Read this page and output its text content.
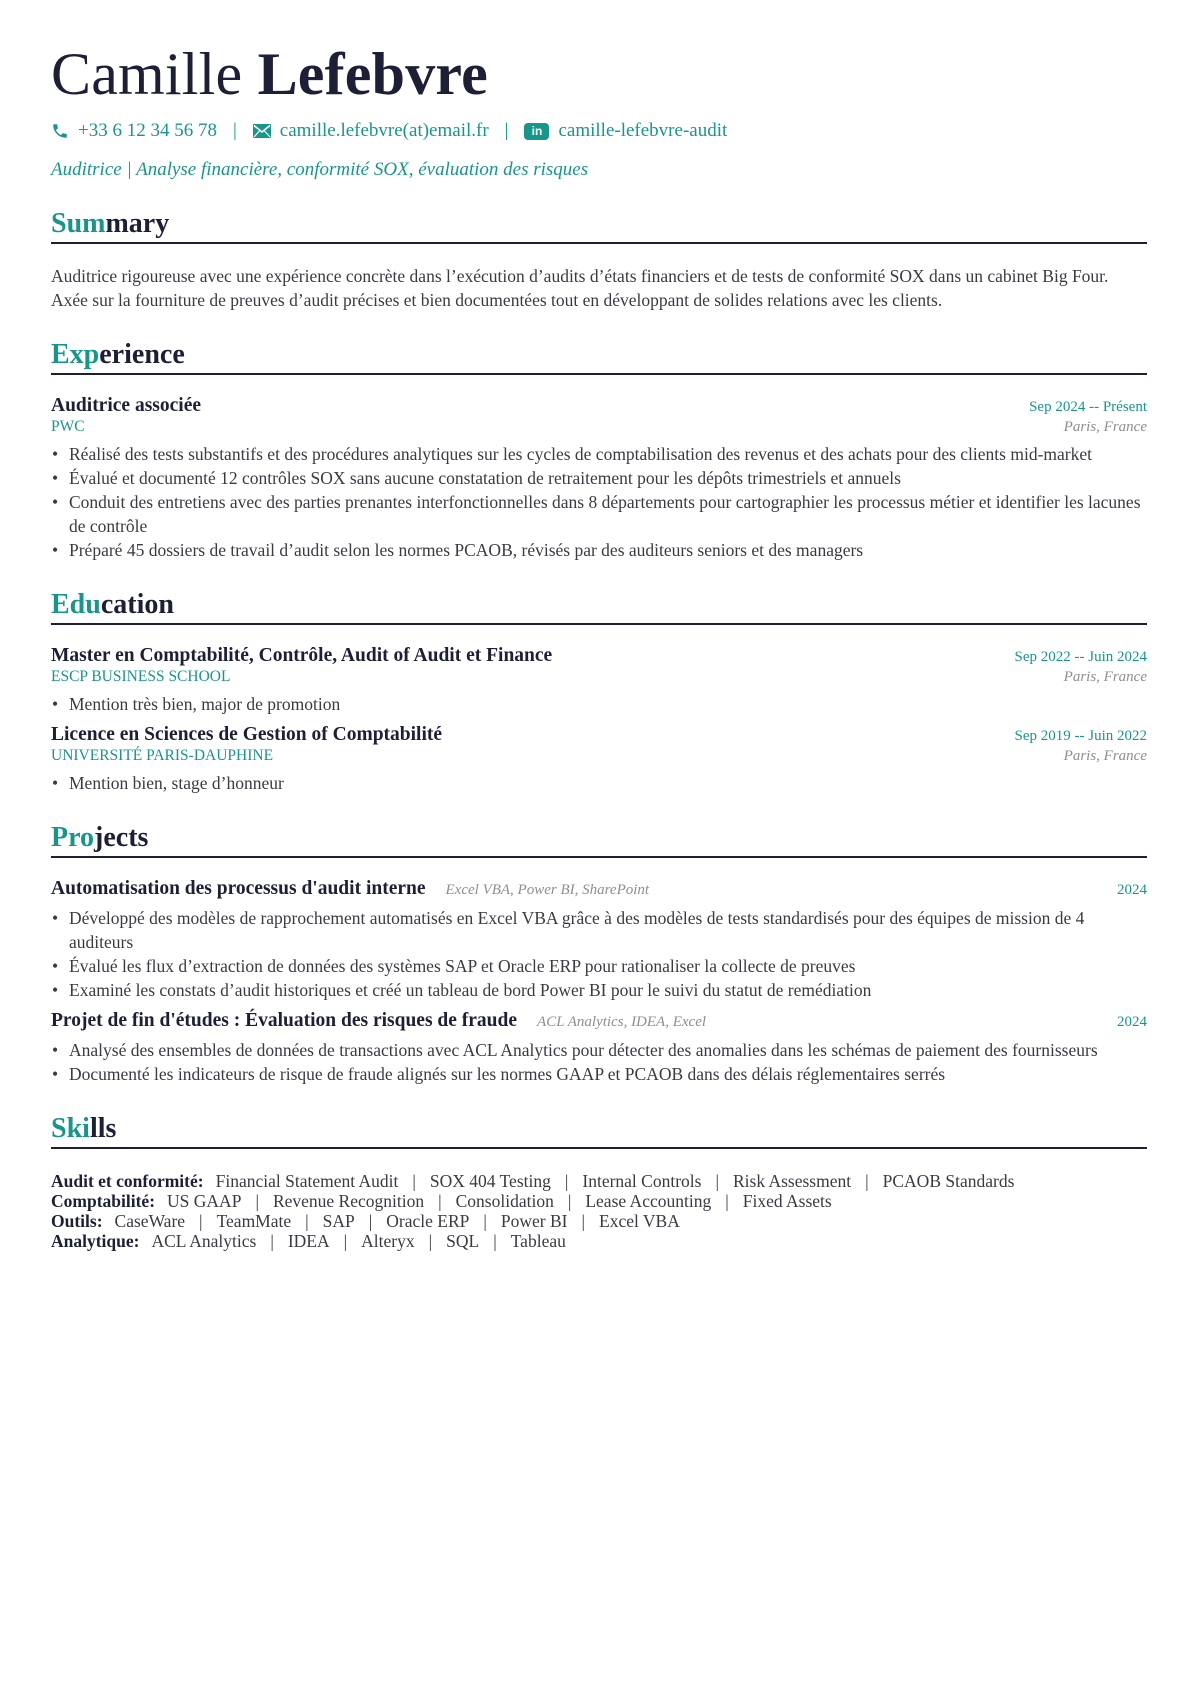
Camille Lefebvre
+33 6 12 34 56 78 | camille.lefebvre(at)email.fr |	in camille-lefebvre-audit
Auditrice | Analyse financière, conformité SOX, évaluation des risques
Summary
Auditrice rigoureuse avec une expérience concrète dans l’exécution d’audits d’états financiers et de tests de conformité SOX dans un cabinet Big Four. Axée sur la fourniture de preuves d’audit précises et bien documentées tout en développant de solides relations avec les clients.
Experience
Auditrice associée	Sep 2024 -- Présent
PWC	Paris, France
• Réalisé des tests substantifs et des procédures analytiques sur les cycles de comptabilisation des revenus et des achats pour des clients mid-market
• Évalué et documenté 12 contrôles SOX sans aucune constatation de retraitement pour les dépôts trimestriels et annuels
• Conduit des entretiens avec des parties prenantes interfonctionnelles dans 8 départements pour cartographier les processus métier et identifier les lacunes de contrôle
• Préparé 45 dossiers de travail d’audit selon les normes PCAOB, révisés par des auditeurs seniors et des managers
Education
Master en Comptabilité, Contrôle, Audit of Audit et Finance	Sep 2022 -- Juin 2024
ESCP BUSINESS SCHOOL	Paris, France
• Mention très bien, major de promotion
Licence en Sciences de Gestion of Comptabilité	Sep 2019 -- Juin 2022
UNIVERSITÉ PARIS-DAUPHINE	Paris, France
• Mention bien, stage d’honneur
Projects
Automatisation des processus d'audit interne Excel VBA, Power BI, SharePoint	2024
• Développé des modèles de rapprochement automatisés en Excel VBA grâce à des modèles de tests standardisés pour des équipes de mission de 4 auditeurs
• Évalué les flux d’extraction de données des systèmes SAP et Oracle ERP pour rationaliser la collecte de preuves
• Examiné les constats d’audit historiques et créé un tableau de bord Power BI pour le suivi du statut de remédiation
Projet de fin d'études : Évaluation des risques de fraude ACL Analytics, IDEA, Excel	2024
• Analysé des ensembles de données de transactions avec ACL Analytics pour détecter des anomalies dans les schémas de paiement des fournisseurs
• Documenté les indicateurs de risque de fraude alignés sur les normes GAAP et PCAOB dans des délais réglementaires serrés
Skills
Audit et conformité: Financial Statement Audit | SOX 404 Testing | Internal Controls | Risk Assessment | PCAOB Standards
Comptabilité: US GAAP | Revenue Recognition | Consolidation | Lease Accounting | Fixed Assets
Outils: CaseWare | TeamMate | SAP | Oracle ERP | Power BI | Excel VBA
Analytique: ACL Analytics | IDEA | Alteryx | SQL | Tableau
